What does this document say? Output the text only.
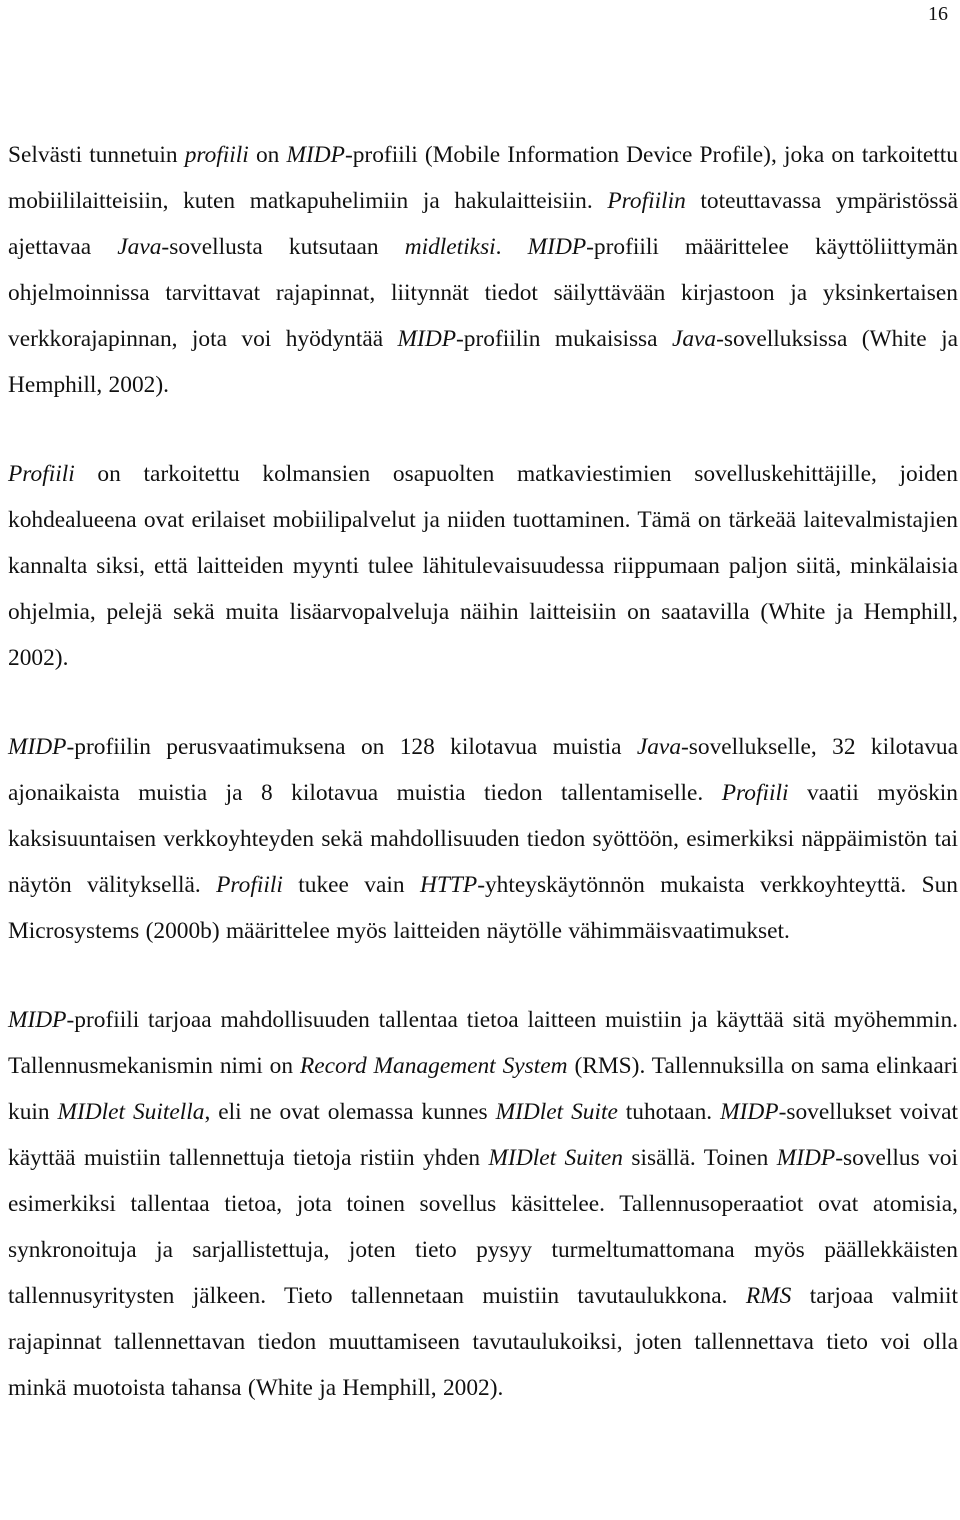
16

Selvästi tunnetuin profiili on MIDP-profiili (Mobile Information Device Profile), joka on tarkoitettu mobiililaitteisiin, kuten matkapuhelimiin ja hakulaitteisiin. Profiilin toteuttavassa ympäristössä ajettavaa Java-sovellusta kutsutaan midletiksi. MIDP-profiili määrittelee käyttöliittymän ohjelmoinnissa tarvittavat rajapinnat, liitynnät tiedot säilyttävään kirjastoon ja yksinkertaisen verkkorajapinnan, jota voi hyödyntää MIDP-profiilin mukaisissa Java-sovelluksissa (White ja Hemphill, 2002).

Profiili on tarkoitettu kolmansien osapuolten matkaviestimien sovelluskehittäjille, joiden kohdealueena ovat erilaiset mobiilipalvelut ja niiden tuottaminen. Tämä on tärkeää laitevalmistajien kannalta siksi, että laitteiden myynti tulee lähitulevaisuudessa riippumaan paljon siitä, minkälaisia ohjelmia, pelejä sekä muita lisäarvopalveluja näihin laitteisiin on saatavilla (White ja Hemphill, 2002).

MIDP-profiilin perusvaatimuksena on 128 kilotavua muistia Java-sovellukselle, 32 kilotavua ajonaikaista muistia ja 8 kilotavua muistia tiedon tallentamiselle. Profiili vaatii myöskin kaksisuuntaisen verkkoyhteyden sekä mahdollisuuden tiedon syöttöön, esimerkiksi näppäimistön tai näytön välityksellä. Profiili tukee vain HTTP-yhteyskäytönnön mukaista verkkoyhteyttä. Sun Microsystems (2000b) määrittelee myös laitteiden näytölle vähimmäisvaatimukset.

MIDP-profiili tarjoaa mahdollisuuden tallentaa tietoa laitteen muistiin ja käyttää sitä myöhemmin. Tallennusmekanismin nimi on Record Management System (RMS). Tallennuksilla on sama elinkaari kuin MIDlet Suitella, eli ne ovat olemassa kunnes MIDlet Suite tuhotaan. MIDP-sovellukset voivat käyttää muistiin tallennettuja tietoja ristiin yhden MIDlet Suiten sisällä. Toinen MIDP-sovellus voi esimerkiksi tallentaa tietoa, jota toinen sovellus käsittelee. Tallennusoperaatiot ovat atomisia, synkronoituja ja sarjallistettuja, joten tieto pysyy turmeltumattomana myös päällekkäisten tallennusyritysten jälkeen. Tieto tallennetaan muistiin tavutaulukkona. RMS tarjoaa valmiit rajapinnat tallennettavan tiedon muuttamiseen tavutaulukoiksi, joten tallennettava tieto voi olla minkä muotoista tahansa (White ja Hemphill, 2002).
